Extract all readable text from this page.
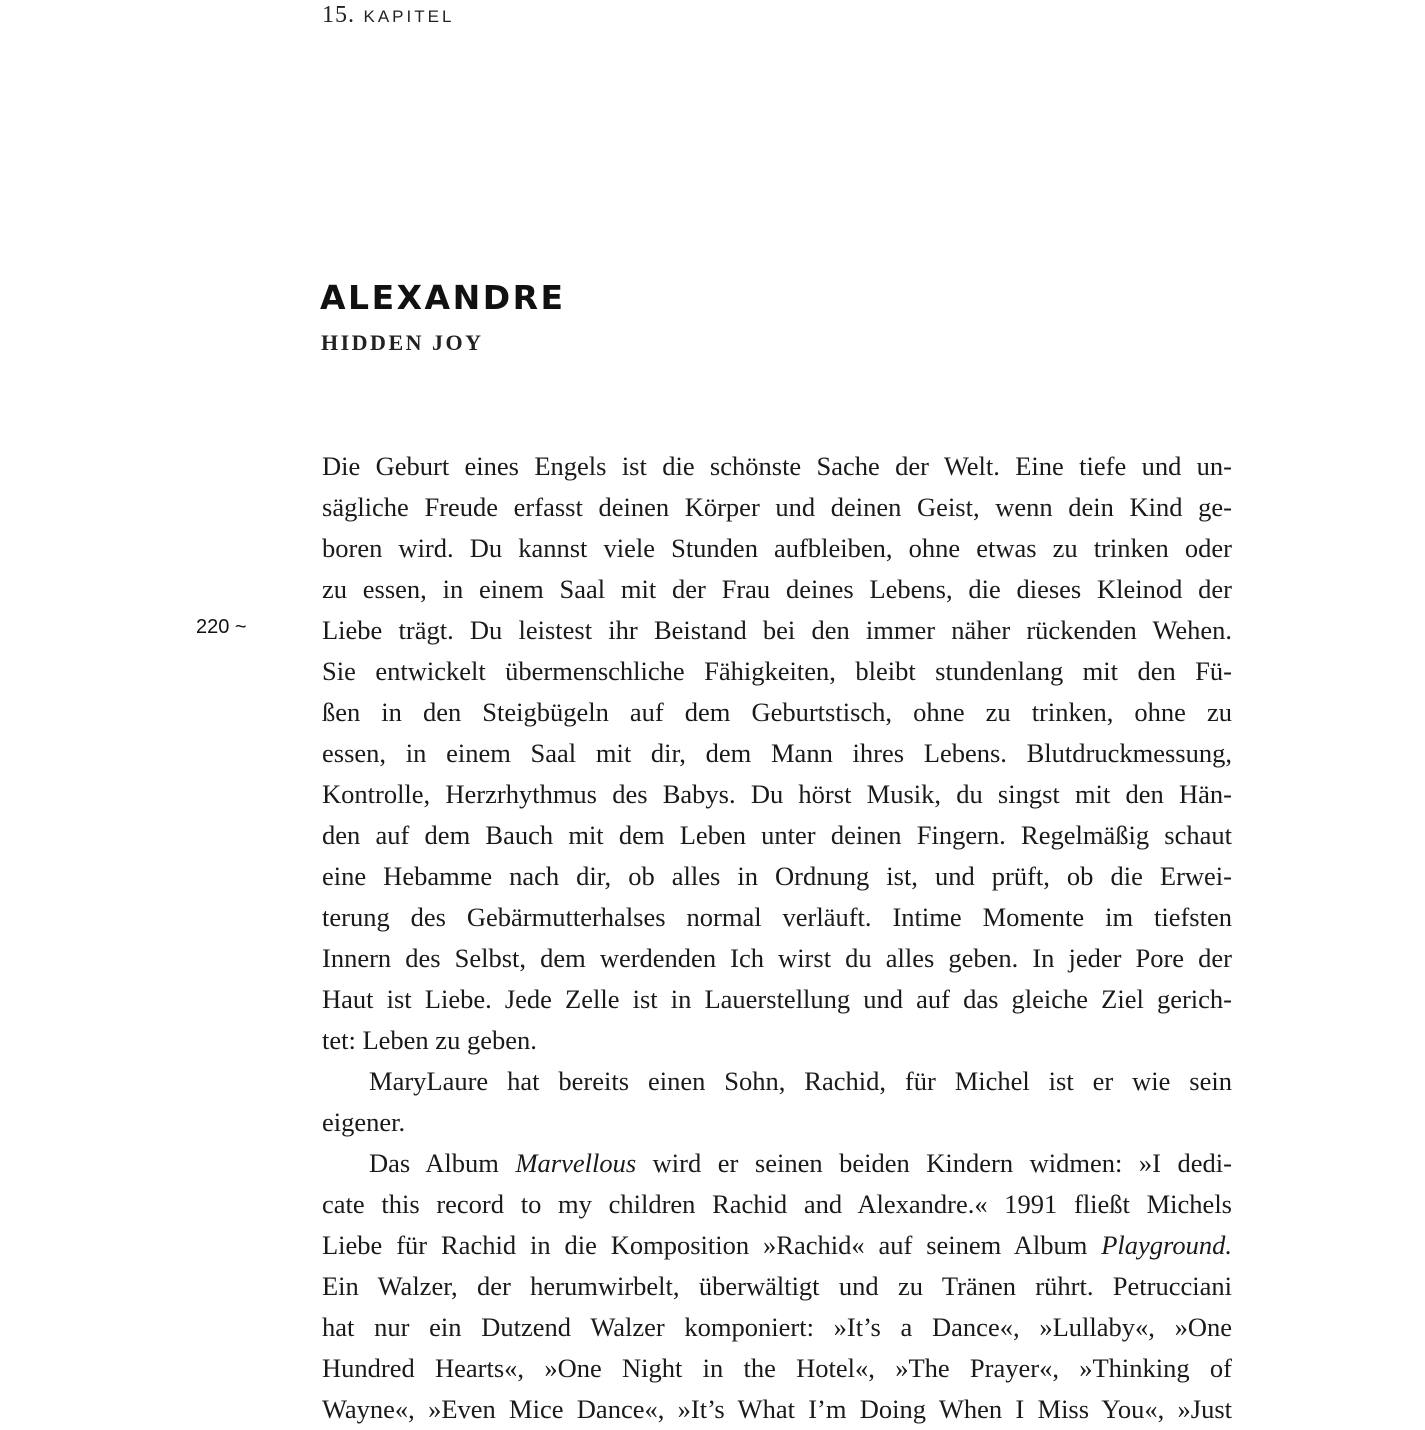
15. KAPITEL
ALEXANDRE
HIDDEN JOY
220 ~
Die Geburt eines Engels ist die schönste Sache der Welt. Eine tiefe und un-
sägliche Freude erfasst deinen Körper und deinen Geist, wenn dein Kind ge-
boren wird. Du kannst viele Stunden aufbleiben, ohne etwas zu trinken oder
zu essen, in einem Saal mit der Frau deines Lebens, die dieses Kleinod der
Liebe trägt. Du leistest ihr Beistand bei den immer näher rückenden Wehen.
Sie entwickelt übermenschliche Fähigkeiten, bleibt stundenlang mit den Fü-
ßen in den Steigbügeln auf dem Geburtstisch, ohne zu trinken, ohne zu
essen, in einem Saal mit dir, dem Mann ihres Lebens. Blutdruckmessung,
Kontrolle, Herzrhythmus des Babys. Du hörst Musik, du singst mit den Hän-
den auf dem Bauch mit dem Leben unter deinen Fingern. Regelmäßig schaut
eine Hebamme nach dir, ob alles in Ordnung ist, und prüft, ob die Erwei-
terung des Gebärmutterhalses normal verläuft. Intime Momente im tiefsten
Innern des Selbst, dem werdenden Ich wirst du alles geben. In jeder Pore der
Haut ist Liebe. Jede Zelle ist in Lauerstellung und auf das gleiche Ziel gerich-
tet: Leben zu geben.
MaryLaure hat bereits einen Sohn, Rachid, für Michel ist er wie sein
eigener.
Das Album Marvellous wird er seinen beiden Kindern widmen: »I dedi-
cate this record to my children Rachid and Alexandre.« 1991 fließt Michels
Liebe für Rachid in die Komposition »Rachid« auf seinem Album Playground.
Ein Walzer, der herumwirbelt, überwältigt und zu Tränen rührt. Petrucciani
hat nur ein Dutzend Walzer komponiert: »It’s a Dance«, »Lullaby«, »One
Hundred Hearts«, »One Night in the Hotel«, »The Prayer«, »Thinking of
Wayne«, »Even Mice Dance«, »It’s What I’m Doing When I Miss You«, »Just
